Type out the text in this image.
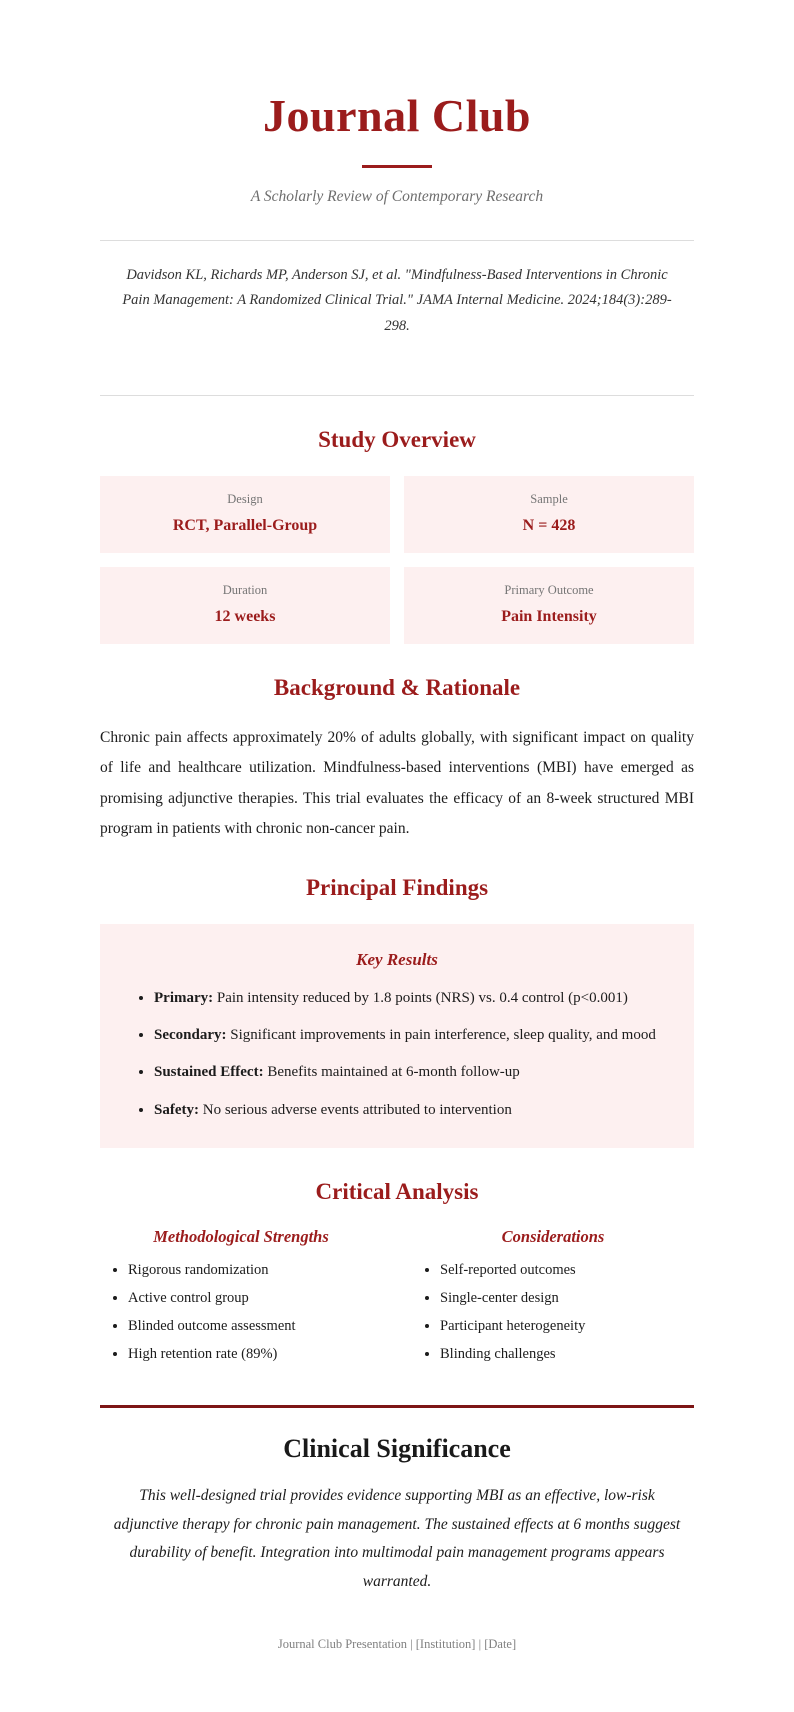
Journal Club

A Scholarly Review of Contemporary Research

Davidson KL, Richards MP, Anderson SJ, et al. "Mindfulness-Based Interventions in Chronic Pain Management: A Randomized Clinical Trial." JAMA Internal Medicine. 2024;184(3):289-298.

Study Overview
Design
RCT, Parallel-Group
Sample
N = 428
Duration
12 weeks
Primary Outcome
Pain Intensity
Background & Rationale

Chronic pain affects approximately 20% of adults globally, with significant impact on quality of life and healthcare utilization. Mindfulness-based interventions (MBI) have emerged as promising adjunctive therapies. This trial evaluates the efficacy of an 8-week structured MBI program in patients with chronic non-cancer pain.

Principal Findings
Key Results
• Primary: Pain intensity reduced by 1.8 points (NRS) vs. 0.4 control (p<0.001)
• Secondary: Significant improvements in pain interference, sleep quality, and mood
• Sustained Effect: Benefits maintained at 6-month follow-up
• Safety: No serious adverse events attributed to intervention
Critical Analysis
Methodological Strengths
• Rigorous randomization
• Active control group
• Blinded outcome assessment
• High retention rate (89%)
Considerations
• Self-reported outcomes
• Single-center design
• Participant heterogeneity
• Blinding challenges
Clinical Significance

This well-designed trial provides evidence supporting MBI as an effective, low-risk adjunctive therapy for chronic pain management. The sustained effects at 6 months suggest durability of benefit. Integration into multimodal pain management programs appears warranted.

Journal Club Presentation | [Institution] | [Date]
